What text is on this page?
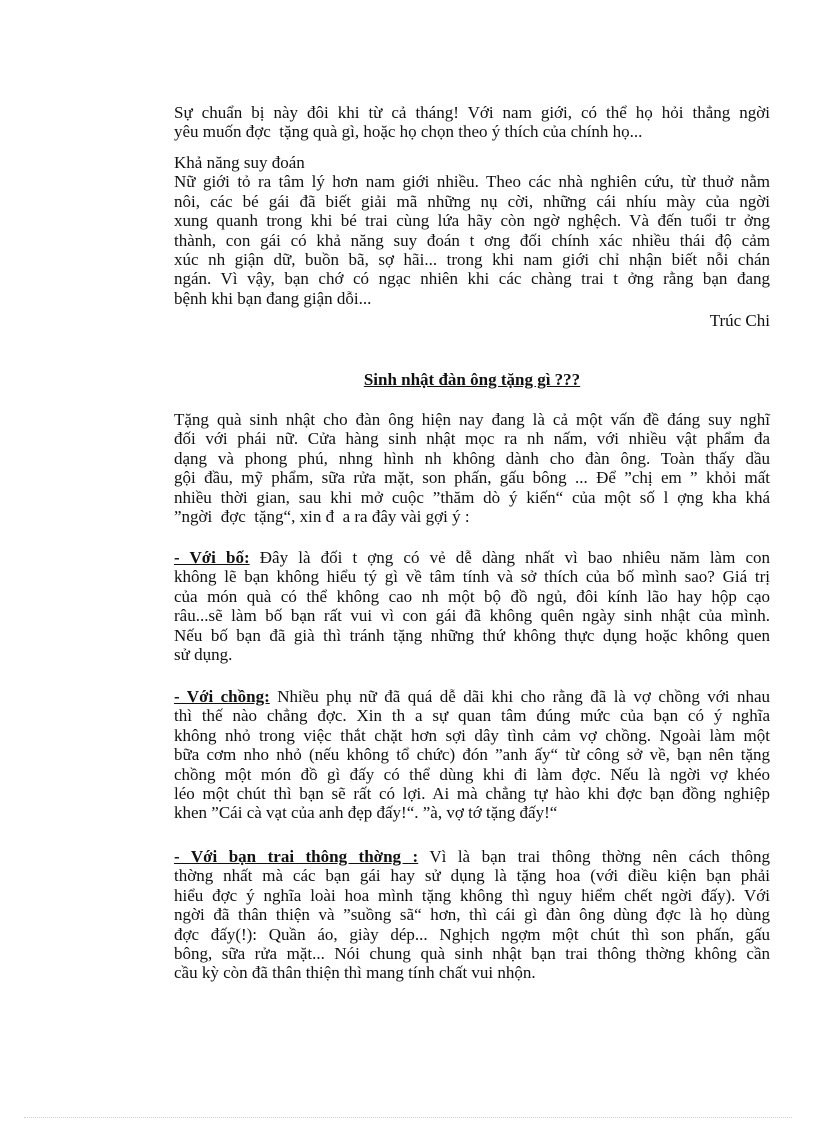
Sự chuẩn bị này đôi khi từ cả tháng! Với nam giới, có thể họ hỏi thẳng ngời
yêu muốn đợc  tặng quà gì, hoặc họ chọn theo ý thích của chính họ...
Khả năng suy đoán
Nữ giới tỏ ra tâm lý hơn nam giới nhiều. Theo các nhà nghiên cứu, từ thuở nằm
nôi, các bé gái đã biết giải mã những nụ cời, những cái nhíu mày của ngời
xung quanh trong khi bé trai cùng lứa hãy còn ngờ nghệch. Và đến tuổi tr ởng
thành, con gái có khả năng suy đoán t ơng đối chính xác nhiều thái độ cảm
xúc nh giận dữ, buồn bã, sợ hãi... trong khi nam giới chỉ nhận biết nỗi chán
ngán. Vì vậy, bạn chớ có ngạc nhiên khi các chàng trai t ởng rằng bạn đang
bệnh khi bạn đang giận dỗi...
Trúc Chi
Sinh nhật đàn ông tặng gì ???
Tặng quà sinh nhật cho đàn ông hiện nay đang là cả một vấn đề đáng suy nghĩ
đối với phái nữ. Cửa hàng sinh nhật mọc ra nh nấm, với nhiều vật phẩm đa
dạng và phong phú, nhng hình nh không dành cho đàn ông. Toàn thấy dầu
gội đầu, mỹ phẩm, sữa rửa mặt, son phấn, gấu bông ... Để ”chị em ” khỏi mất
nhiều thời gian, sau khi mở cuộc ”thăm dò ý kiến“ của một số l ợng kha khá
”ngời  đợc  tặng“, xin đ  a ra đây vài gợi ý :
- Với bố: Đây là đối t ợng có vẻ dễ dàng nhất vì bao nhiêu năm làm con
không lẽ bạn không hiểu tý gì về tâm tính và sở thích của bố mình sao? Giá trị
của món quà có thể không cao nh một bộ đồ ngủ, đôi kính lão hay hộp cạo
râu...sẽ làm bố bạn rất vui vì con gái đã không quên ngày sinh nhật của mình.
Nếu bố bạn đã già thì tránh tặng những thứ không thực dụng hoặc không quen
sử dụng.
- Với chồng: Nhiều phụ nữ đã quá dễ dãi khi cho rằng đã là vợ chồng với nhau
thì thế nào chẳng đợc. Xin th a sự quan tâm đúng mức của bạn có ý nghĩa
không nhỏ trong việc thắt chặt hơn sợi dây tình cảm vợ chồng. Ngoài làm một
bữa cơm nho nhỏ (nếu không tổ chức) đón ”anh ấy“ từ công sở về, bạn nên tặng
chồng một món đồ gì đấy có thể dùng khi đi làm đợc. Nếu là ngời vợ khéo
léo một chút thì bạn sẽ rất có lợi. Ai mà chẳng tự hào khi đợc bạn đồng nghiệp
khen ”Cái cà vạt của anh đẹp đấy!“. ”à, vợ tớ tặng đấy!“
- Với bạn trai thông thờng : Vì là bạn trai thông thờng nên cách thông
thờng nhất mà các bạn gái hay sử dụng là tặng hoa (với điều kiện bạn phải
hiểu đợc ý nghĩa loài hoa mình tặng không thì nguy hiểm chết ngời đấy). Với
ngời đã thân thiện và ”suồng sã“ hơn, thì cái gì đàn ông dùng đợc là họ dùng
đợc đấy(!): Quần áo, giày dép... Nghịch ngợm một chút thì son phấn, gấu
bông, sữa rửa mặt... Nói chung quà sinh nhật bạn trai thông thờng không cần
cầu kỳ còn đã thân thiện thì mang tính chất vui nhộn.
